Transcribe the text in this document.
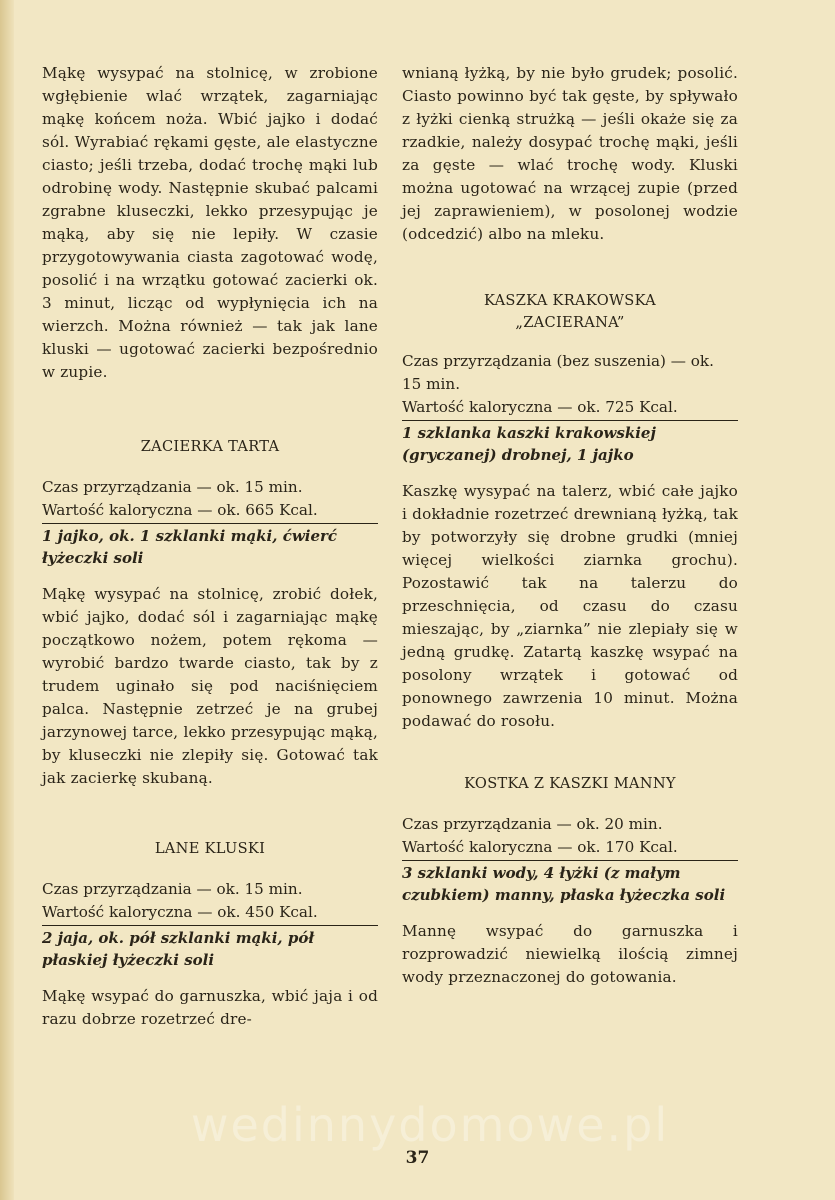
Mąkę wysypać na stolnicę, w zrobione wgłębienie wlać wrzątek, zagarniając mąkę końcem noża. Wbić jajko i dodać sól. Wyrabiać rękami gęste, ale elastyczne ciasto; jeśli trzeba, dodać trochę mąki lub odrobinę wody. Następnie skubać palcami zgrabne kluseczki, lekko przesypując je mąką, aby się nie lepiły. W czasie przygotowywania ciasta zagotować wodę, posolić i na wrzątku gotować zacierki ok. 3 minut, licząc od wypłynięcia ich na wierzch. Można również — tak jak lane kluski — ugotować zacierki bezpośrednio w zupie.

ZACIERKA TARTA

Czas przyrządzania — ok. 15 min.

Wartość kaloryczna — ok. 665 Kcal.

1 jajko, ok. 1 szklanki mąki, ćwierć łyżeczki soli

Mąkę wysypać na stolnicę, zrobić dołek, wbić jajko, dodać sól i zagarniając mąkę początkowo nożem, potem rękoma — wyrobić bardzo twarde ciasto, tak by z trudem uginało się pod naciśnięciem palca. Następnie zetrzeć je na grubej jarzynowej tarce, lekko przesypując mąką, by kluseczki nie zlepiły się. Gotować tak jak zacierkę skubaną.

LANE KLUSKI

Czas przyrządzania — ok. 15 min.

Wartość kaloryczna — ok. 450 Kcal.

2 jaja, ok. pół szklanki mąki, pół płaskiej łyżeczki soli

Mąkę wsypać do garnuszka, wbić jaja i od razu dobrze rozetrzeć dre-

wnianą łyżką, by nie było grudek; posolić. Ciasto powinno być tak gęste, by spływało z łyżki cienką strużką — jeśli okaże się za rzadkie, należy dosypać trochę mąki, jeśli za gęste — wlać trochę wody. Kluski można ugotować na wrzącej zupie (przed jej zaprawieniem), w posolonej wodzie (odcedzić) albo na mleku.

KASZKA KRAKOWSKA

„ZACIERANA”

Czas przyrządzania (bez suszenia) — ok. 15 min.

Wartość kaloryczna — ok. 725 Kcal.

1 szklanka kaszki krakowskiej (gryczanej) drobnej, 1 jajko

Kaszkę wysypać na talerz, wbić całe jajko i dokładnie rozetrzeć drewnianą łyżką, tak by potworzyły się drobne grudki (mniej więcej wielkości ziarnka grochu). Pozostawić tak na talerzu do przeschnięcia, od czasu do czasu mieszając, by „ziarnka” nie zlepiały się w jedną grudkę. Zatartą kaszkę wsypać na posolony wrzątek i gotować od ponownego zawrzenia 10 minut. Można podawać do rosołu.

KOSTKA Z KASZKI MANNY

Czas przyrządzania — ok. 20 min.

Wartość kaloryczna — ok. 170 Kcal.

3 szklanki wody, 4 łyżki (z małym czubkiem) manny, płaska łyżeczka soli

Mannę wsypać do garnuszka i rozprowadzić niewielką ilością zimnej wody przeznaczonej do gotowania.

wedinnydomowe.pl
37
